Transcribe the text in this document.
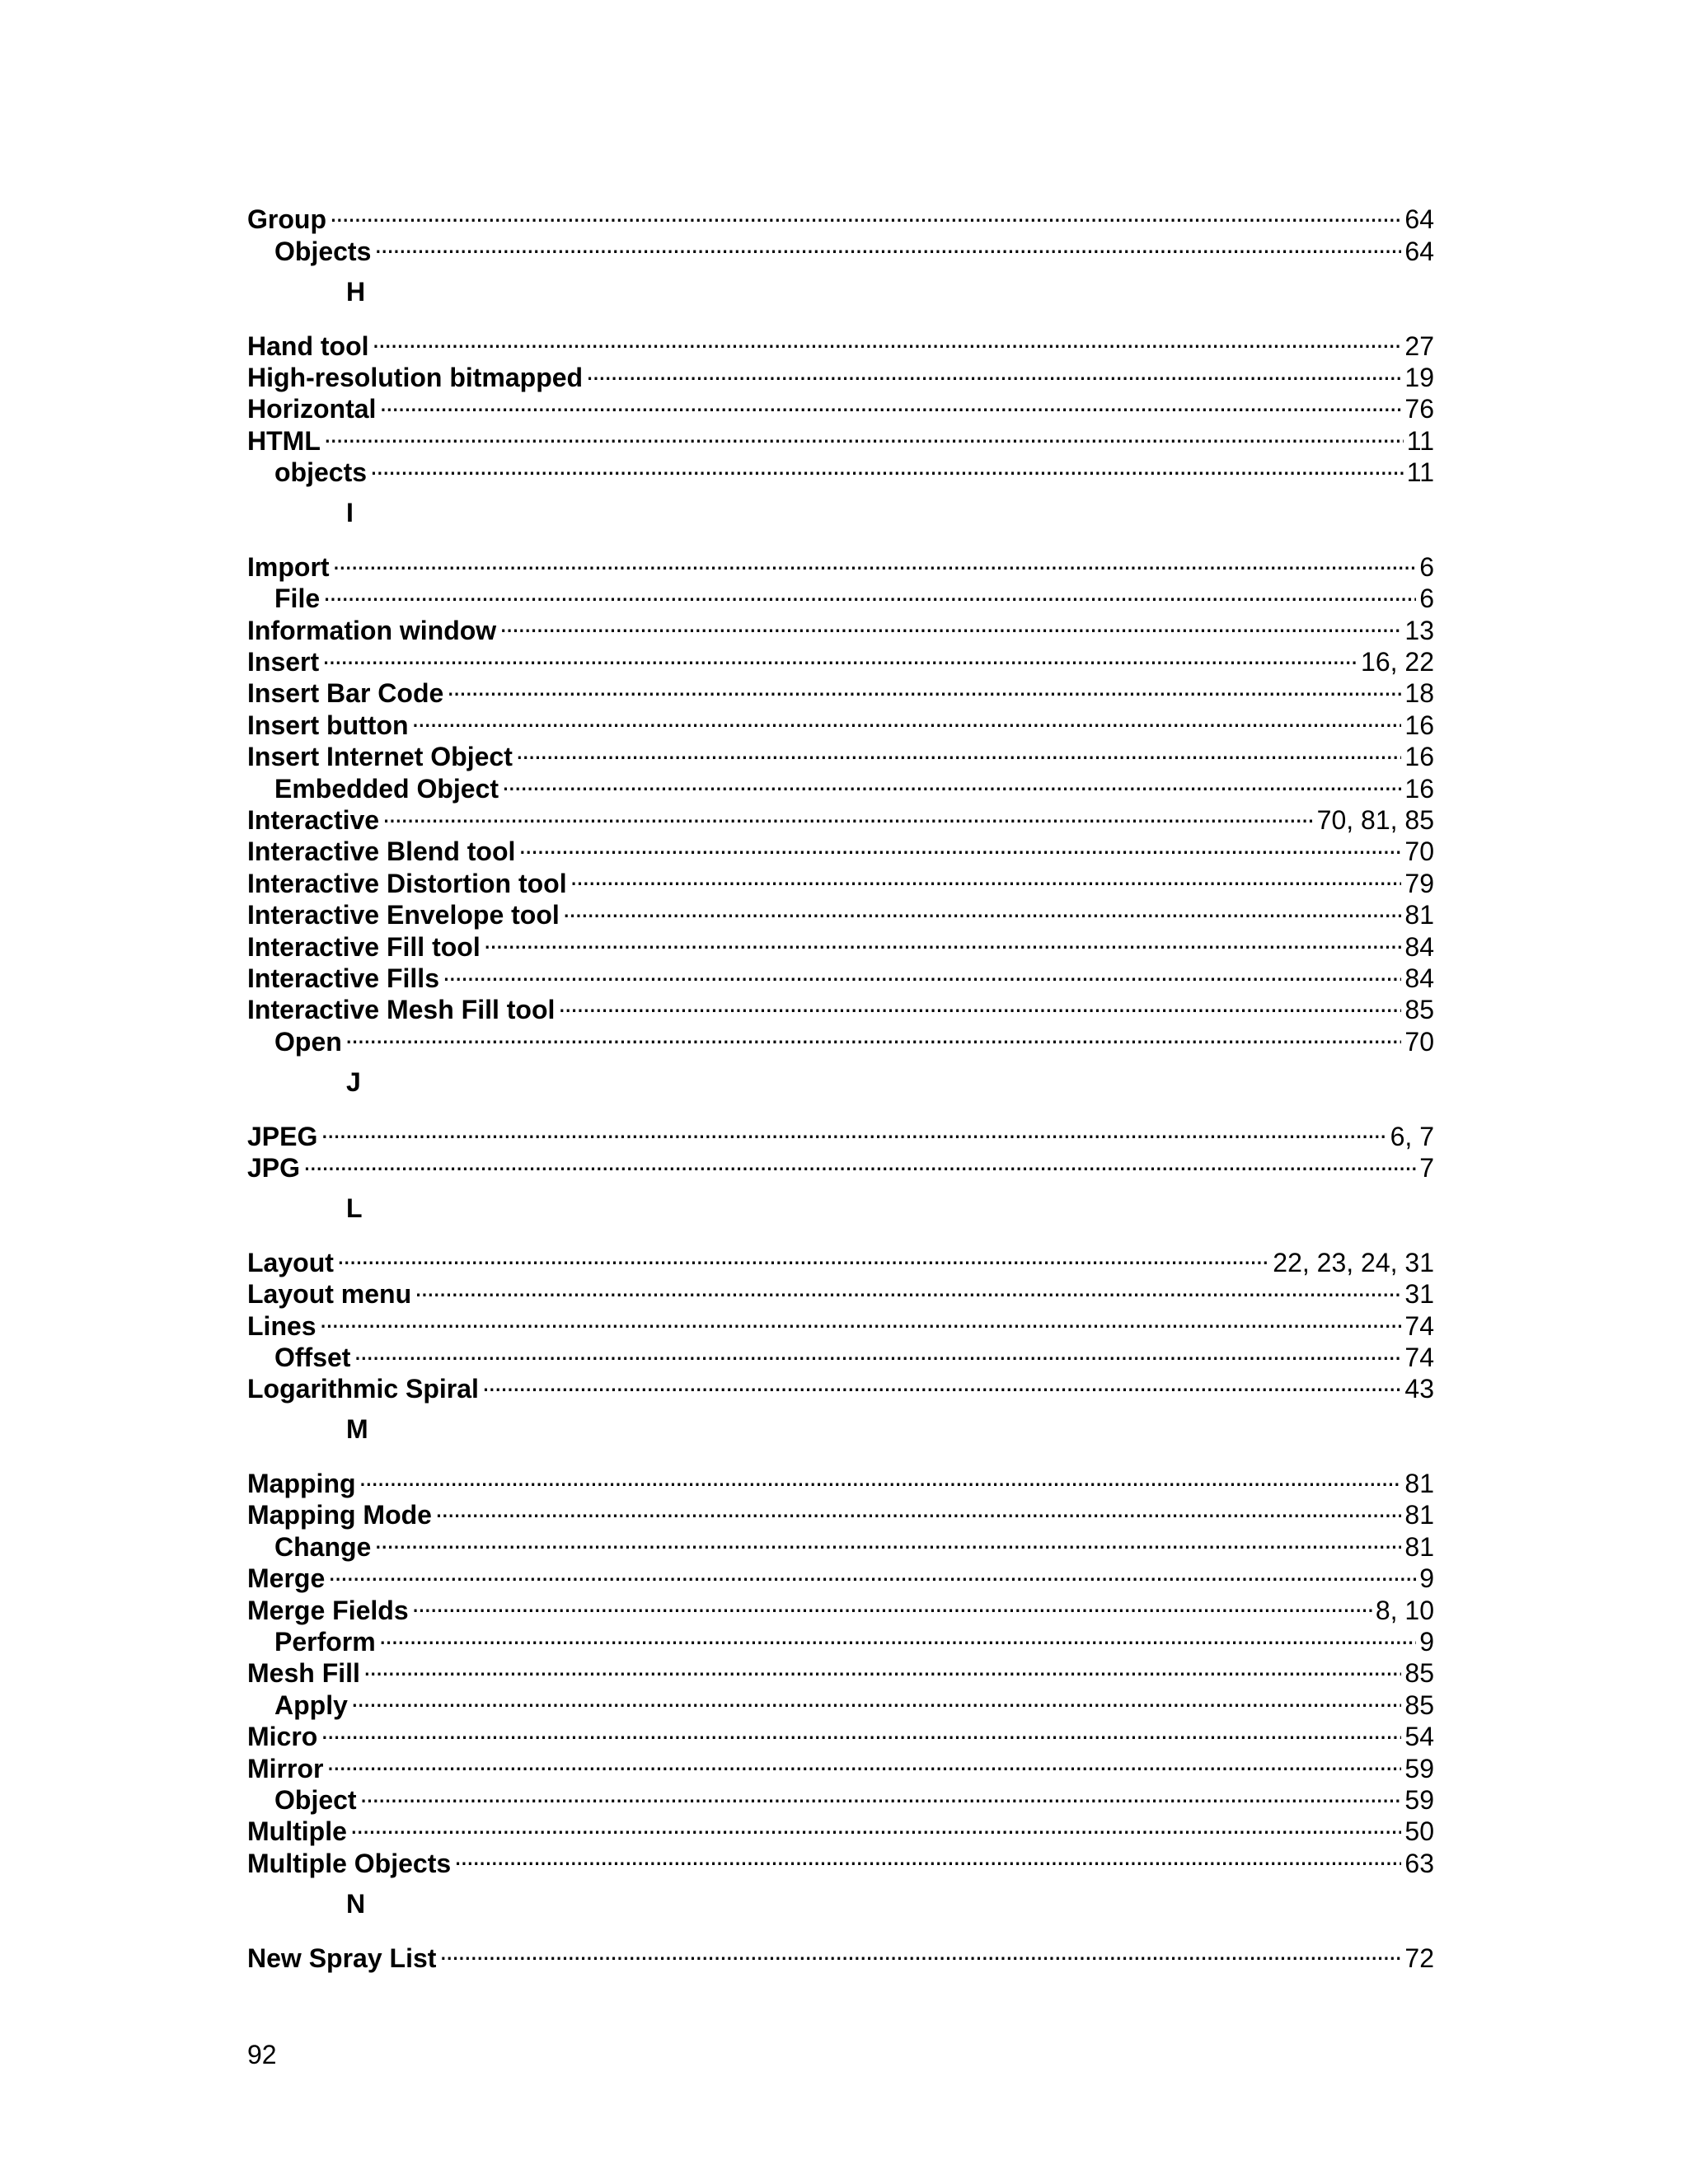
Group . . .	64
Objects . . .	64
H
Hand tool . . .	27
High-resolution bitmapped . . .	19
Horizontal . . .	76
HTML . . .	11
objects . . .	11
I
Import . . .	6
File . . .	6
Information window . . .	13
Insert . . .	16, 22
Insert Bar Code . . .	18
Insert button . . .	16
Insert Internet Object . . .	16
Embedded Object . . .	16
Interactive . . .	70, 81, 85
Interactive Blend tool . . .	70
Interactive Distortion tool . . .	79
Interactive Envelope tool . . .	81
Interactive Fill tool . . .	84
Interactive Fills . . .	84
Interactive Mesh Fill tool . . .	85
Open . . .	70
J
JPEG . . .	6, 7
JPG . . .	7
L
Layout . . .	22, 23, 24, 31
Layout menu . . .	31
Lines . . .	74
Offset . . .	74
Logarithmic Spiral . . .	43
M
Mapping . . .	81
Mapping Mode . . .	81
Change . . .	81
Merge . . .	9
Merge Fields . . .	8, 10
Perform . . .	9
Mesh Fill . . .	85
Apply . . .	85
Micro . . .	54
Mirror . . .	59
Object . . .	59
Multiple . . .	50
Multiple Objects . . .	63
N
New Spray List . . .	72
92
